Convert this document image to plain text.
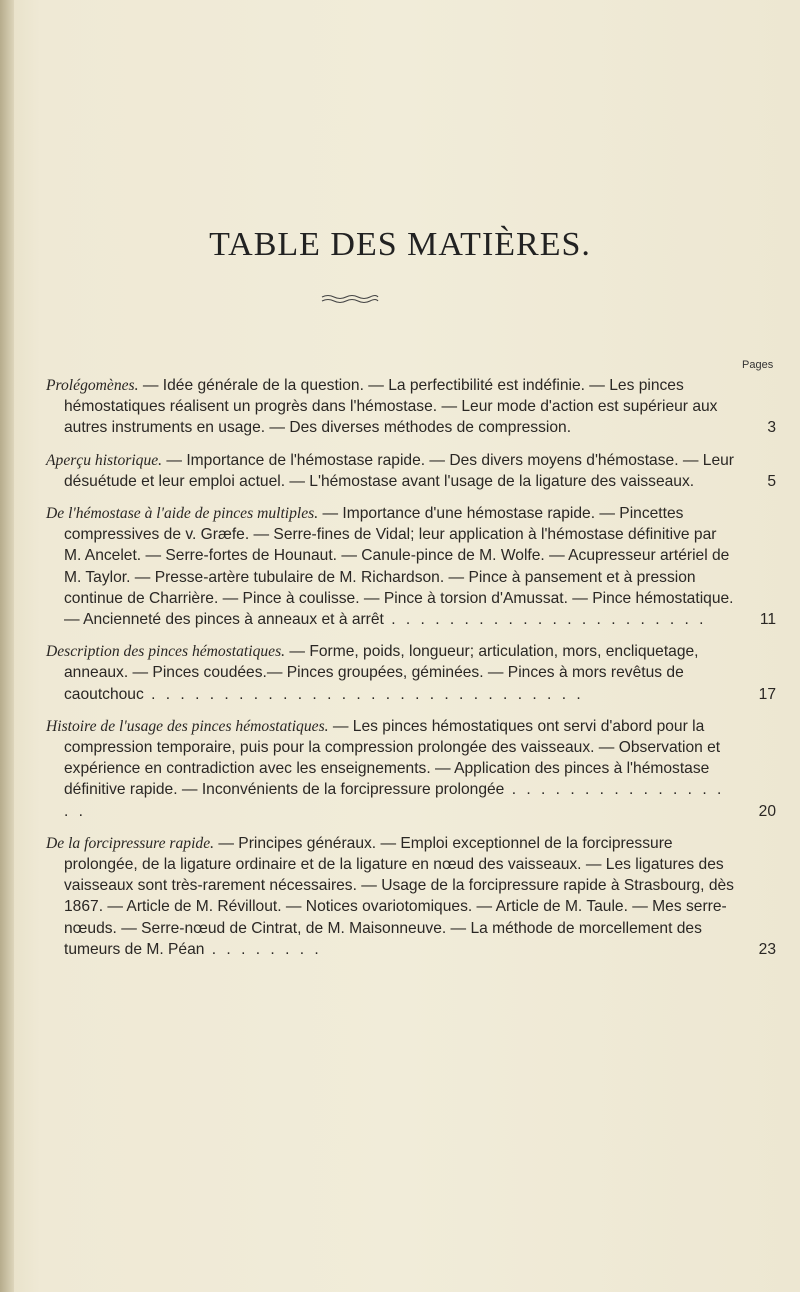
TABLE DES MATIÈRES.
Pages
Prolégomènes. — Idée générale de la question. — La perfectibilité est indéfinie. — Les pinces hémostatiques réalisent un progrès dans l'hémostase. — Leur mode d'action est supérieur aux autres instruments en usage. — Des diverses méthodes de compression.	3
Aperçu historique. — Importance de l'hémostase rapide. — Des divers moyens d'hémostase. — Leur désuétude et leur emploi actuel. — L'hémostase avant l'usage de la ligature des vaisseaux.	5
De l'hémostase à l'aide de pinces multiples. — Importance d'une hémostase rapide. — Pincettes compressives de v. Græfe. — Serre-fines de Vidal; leur application à l'hémostase définitive par M. Ancelet. — Serre-fortes de Hounaut. — Canule-pince de M. Wolfe. — Acupresseur artériel de M. Taylor. — Presse-artère tubulaire de M. Richardson. — Pince à pansement et à pression continue de Charrière. — Pince à coulisse. — Pince à torsion d'Amussat. — Pince hémostatique. — Ancienneté des pinces à anneaux et à arrêt . . . . . . . . . . . . . . . . . . . . . .	11
Description des pinces hémostatiques. — Forme, poids, longueur; articulation, mors, encliquetage, anneaux. — Pinces coudées.— Pinces groupées, géminées. — Pinces à mors revêtus de caoutchouc . . . . . . . . . . . . . . . . . . . . . . . . . . . . . .	17
Histoire de l'usage des pinces hémostatiques. — Les pinces hémostatiques ont servi d'abord pour la compression temporaire, puis pour la compression prolongée des vaisseaux. — Observation et expérience en contradiction avec les enseignements. — Application des pinces à l'hémostase définitive rapide. — Inconvénients de la forcipressure prolongée . . . . . . . . . . . . . . . . .	20
De la forcipressure rapide. — Principes généraux. — Emploi exceptionnel de la forcipressure prolongée, de la ligature ordinaire et de la ligature en nœud des vaisseaux. — Les ligatures des vaisseaux sont très-rarement nécessaires. — Usage de la forcipressure rapide à Strasbourg, dès 1867. — Article de M. Révillout. — Notices ovariotomiques. — Article de M. Taule. — Mes serre-nœuds. — Serre-nœud de Cintrat, de M. Maisonneuve. — La méthode de morcellement des tumeurs de M. Péan . . . . . . . .	23
